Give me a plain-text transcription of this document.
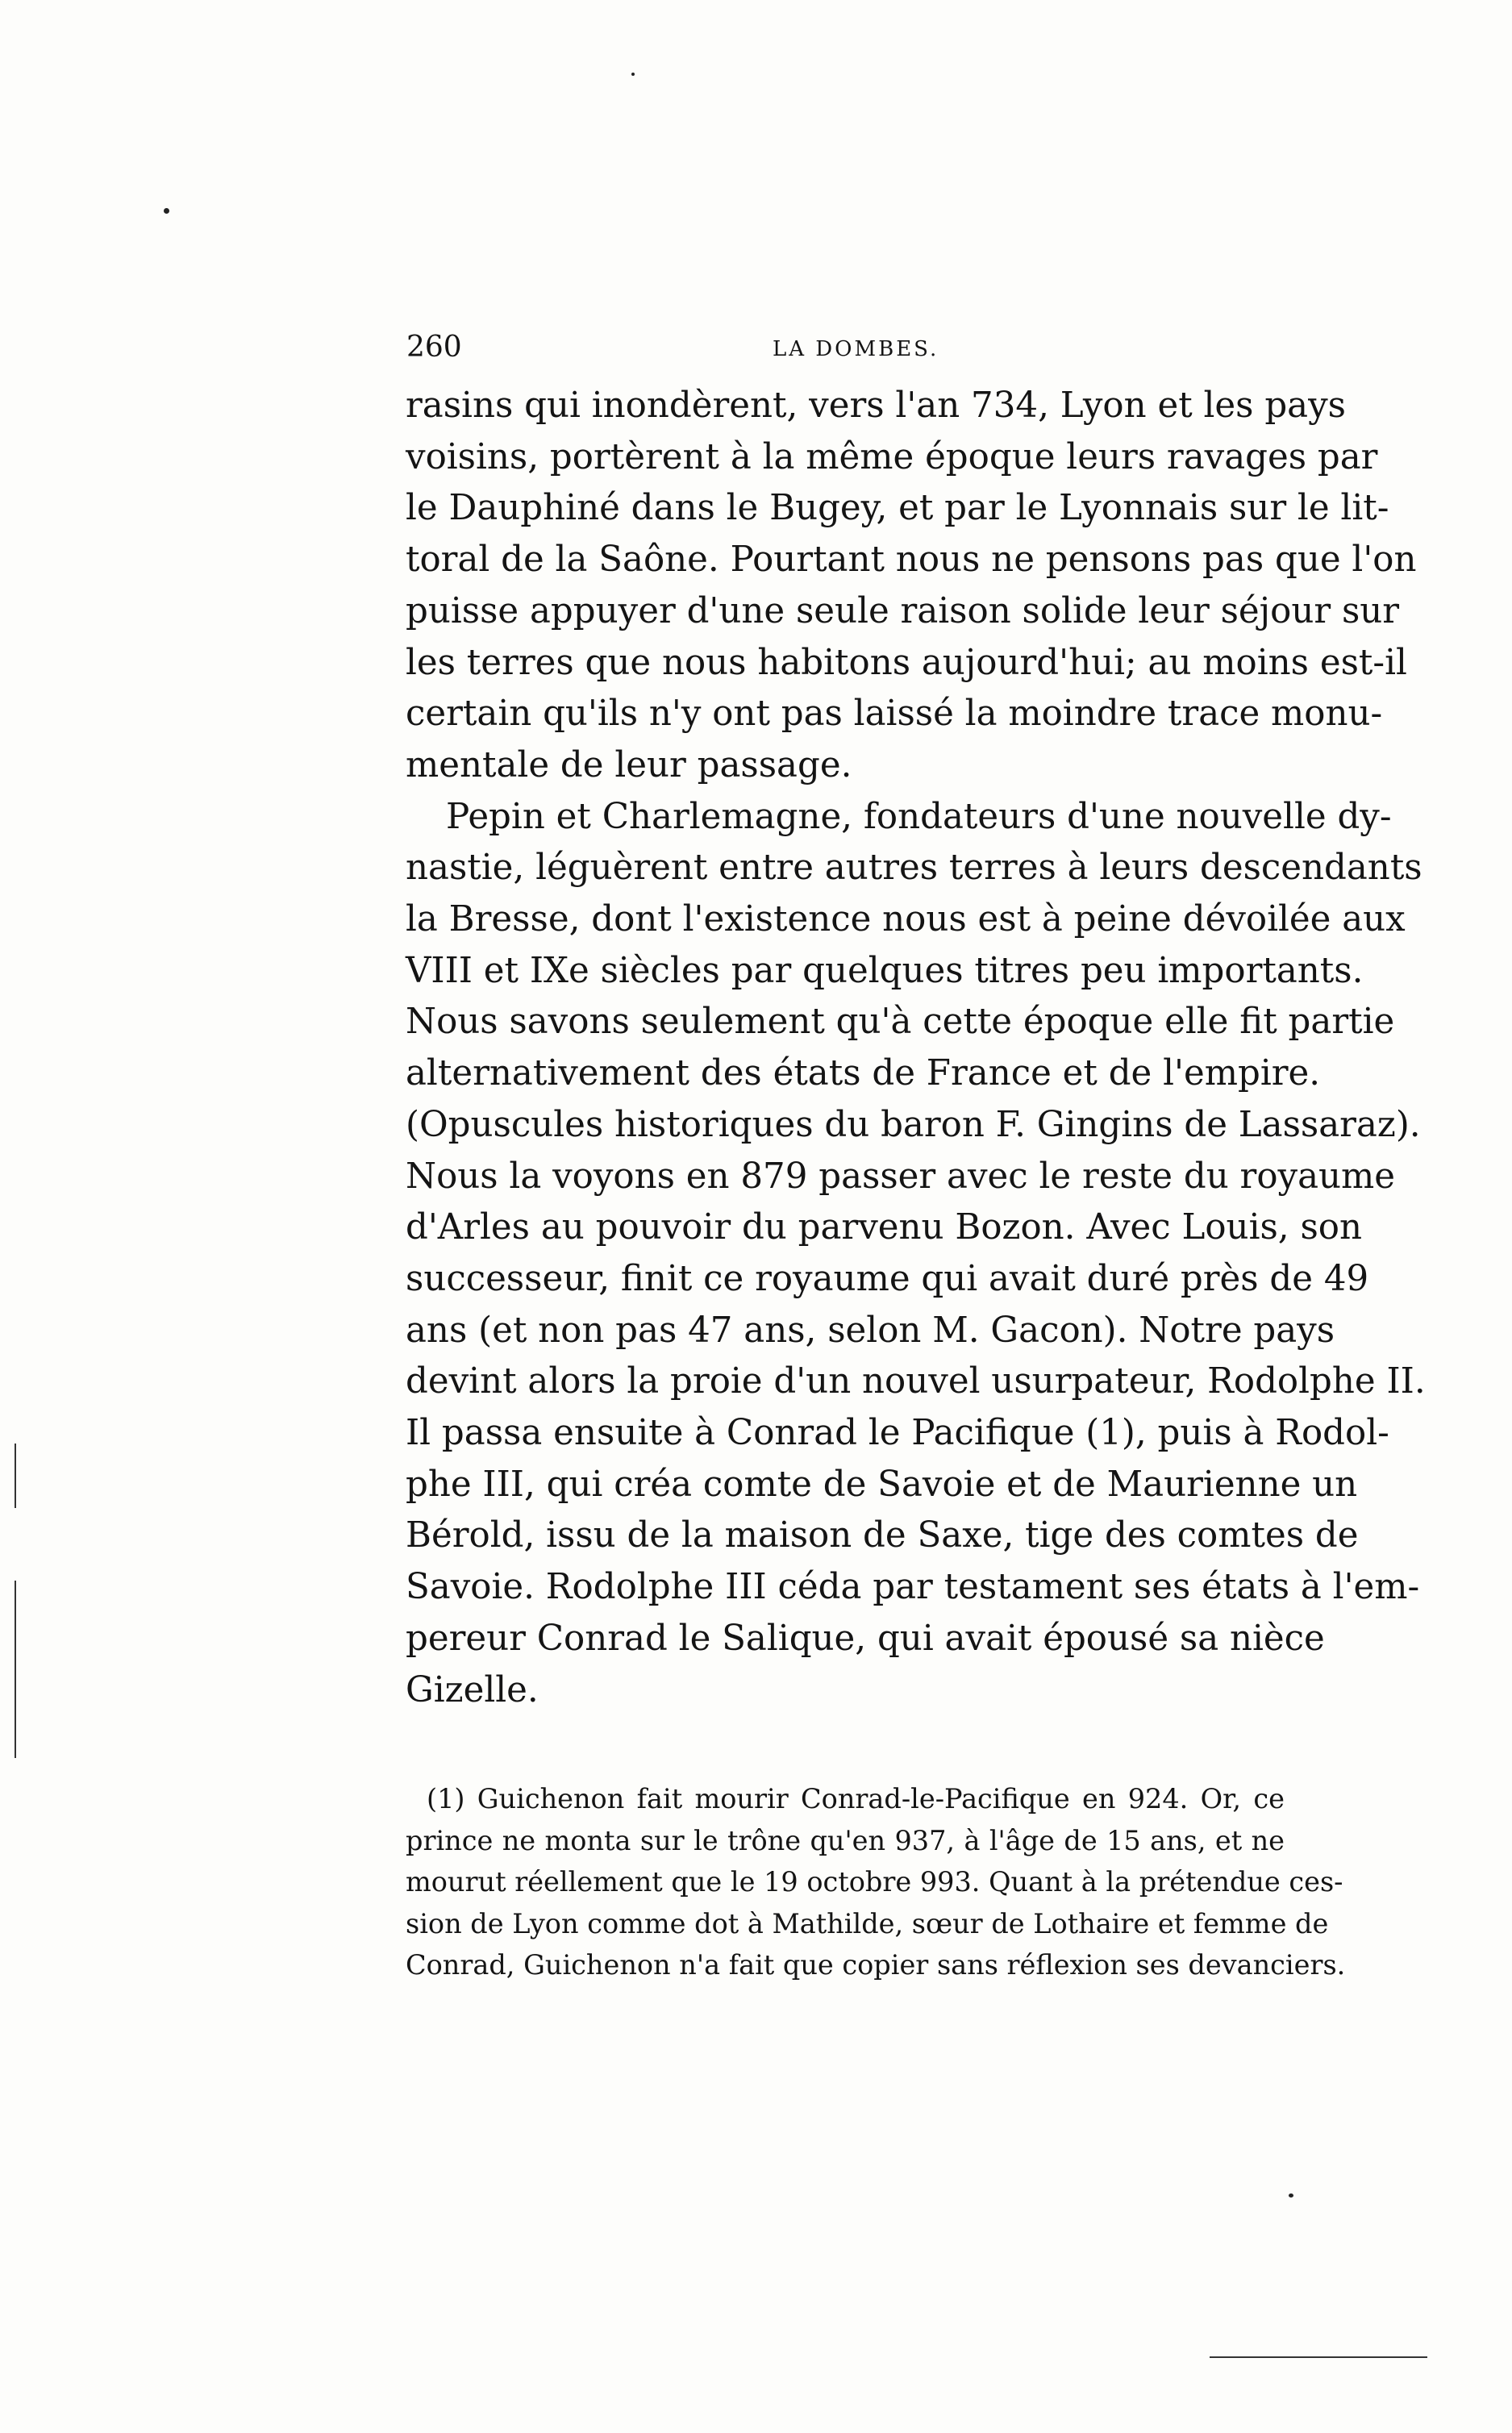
260	LA DOMBES.
rasins qui inondèrent, vers l'an 734, Lyon et les pays
voisins, portèrent à la même époque leurs ravages par
le Dauphiné dans le Bugey, et par le Lyonnais sur le lit-
toral de la Saône. Pourtant nous ne pensons pas que l'on
puisse appuyer d'une seule raison solide leur séjour sur
les terres que nous habitons aujourd'hui; au moins est-il
certain qu'ils n'y ont pas laissé la moindre trace monu-
mentale de leur passage.
Pepin et Charlemagne, fondateurs d'une nouvelle dy-
nastie, léguèrent entre autres terres à leurs descendants
la Bresse, dont l'existence nous est à peine dévoilée aux
VIII et IXe siècles par quelques titres peu importants.
Nous savons seulement qu'à cette époque elle fit partie
alternativement des états de France et de l'empire.
(Opuscules historiques du baron F. Gingins de Lassaraz).
Nous la voyons en 879 passer avec le reste du royaume
d'Arles au pouvoir du parvenu Bozon. Avec Louis, son
successeur, finit ce royaume qui avait duré près de 49
ans (et non pas 47 ans, selon M. Gacon). Notre pays
devint alors la proie d'un nouvel usurpateur, Rodolphe II.
Il passa ensuite à Conrad le Pacifique (1), puis à Rodol-
phe III, qui créa comte de Savoie et de Maurienne un
Bérold, issu de la maison de Saxe, tige des comtes de
Savoie. Rodolphe III céda par testament ses états à l'em-
pereur Conrad le Salique, qui avait épousé sa nièce
Gizelle.
(1) Guichenon fait mourir Conrad-le-Pacifique en 924. Or, ce
prince ne monta sur le trône qu'en 937, à l'âge de 15 ans, et ne
mourut réellement que le 19 octobre 993. Quant à la prétendue ces-
sion de Lyon comme dot à Mathilde, sœur de Lothaire et femme de
Conrad, Guichenon n'a fait que copier sans réflexion ses devanciers.
